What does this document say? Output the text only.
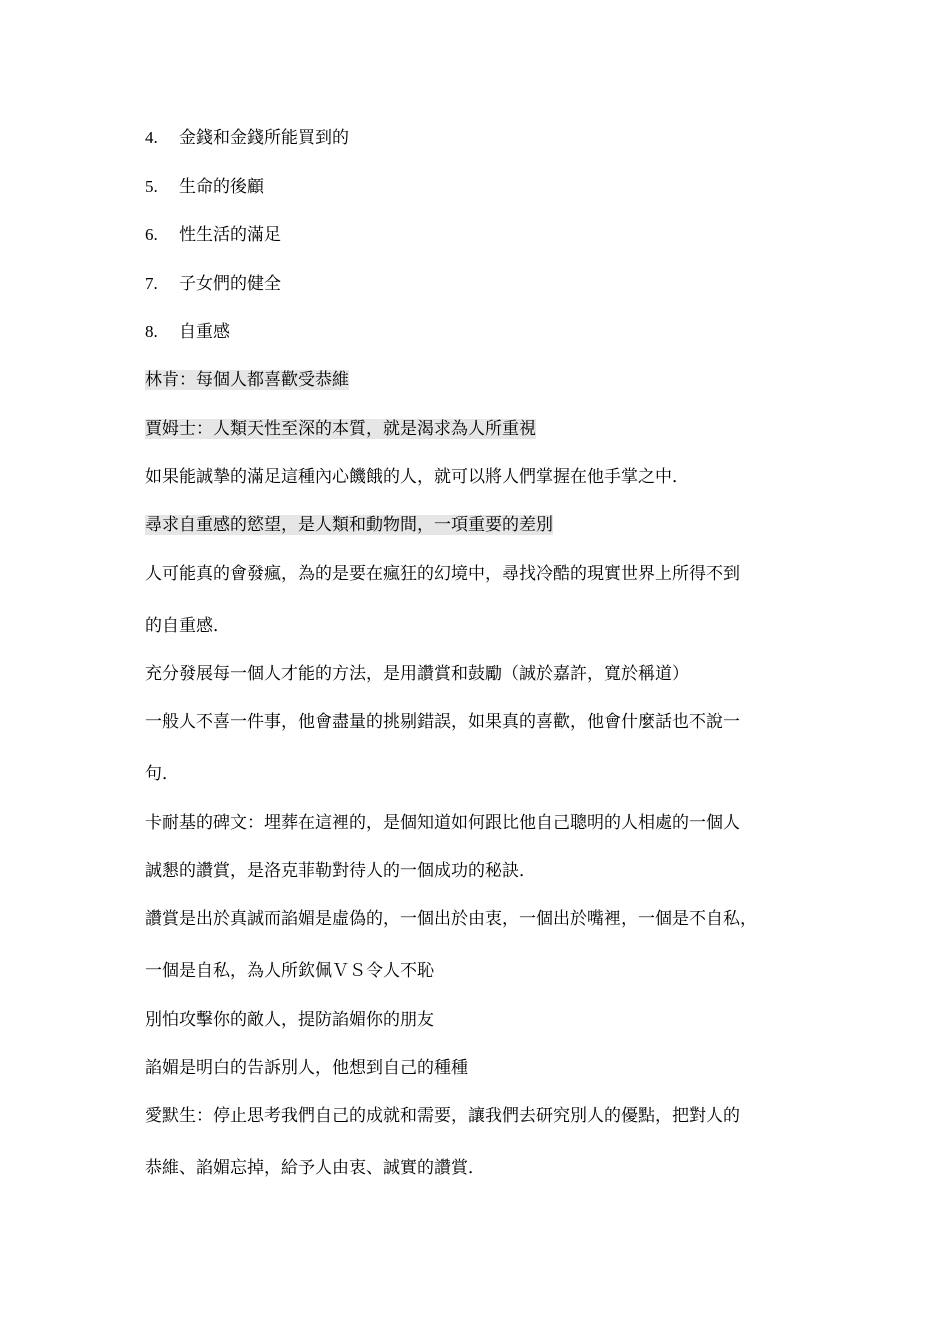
4. 金錢和金錢所能買到的
5. 生命的後顧
6. 性生活的滿足
7. 子女們的健全
8. 自重感
林肯：每個人都喜歡受恭維
賈姆士：人類天性至深的本質，就是渴求為人所重視
如果能誠摯的滿足這種內心饑餓的人，就可以將人們掌握在他手掌之中．
尋求自重感的慾望，是人類和動物間，一項重要的差別
人可能真的會發瘋，為的是要在瘋狂的幻境中，尋找冷酷的現實世界上所得不到
的自重感．
充分發展每一個人才能的方法，是用讚賞和鼓勵（誠於嘉許，寬於稱道）
一般人不喜一件事，他會盡量的挑剔錯誤，如果真的喜歡，他會什麼話也不說一
句．
卡耐基的碑文：埋葬在這裡的，是個知道如何跟比他自己聰明的人相處的一個人
誠懇的讚賞，是洛克菲勒對待人的一個成功的秘訣．
讚賞是出於真誠而諂媚是虛偽的，一個出於由衷，一個出於嘴裡，一個是不自私，
一個是自私，為人所欽佩ＶＳ令人不恥
別怕攻擊你的敵人，提防諂媚你的朋友
諂媚是明白的告訴別人，他想到自己的種種
愛默生：停止思考我們自己的成就和需要，讓我們去研究別人的優點，把對人的
恭維、諂媚忘掉，給予人由衷、誠實的讚賞．
